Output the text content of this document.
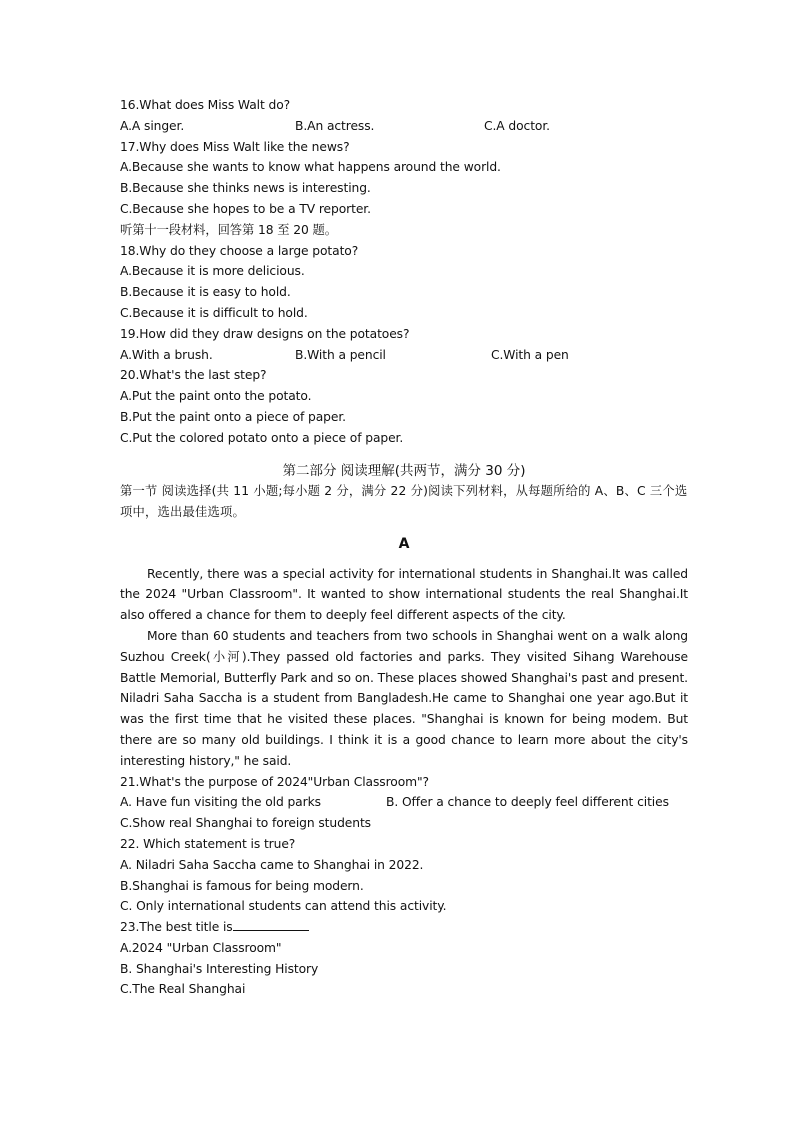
16.What does Miss Walt do?
A.A singer.	B.An actress.	C.A doctor.
17.Why does Miss Walt like the news?
A.Because she wants to know what happens around the world.
B.Because she thinks news is interesting.
C.Because she hopes to be a TV reporter.
听第十一段材料，回答第 18 至 20 题。
18.Why do they choose a large potato?
A.Because it is more delicious.
B.Because it is easy to hold.
C.Because it is difficult to hold.
19.How did they draw designs on the potatoes?
A.With a brush.	B.With a pencil	C.With a pen
20.What's the last step?
A.Put the paint onto the potato.
B.Put the paint onto a piece of paper.
C.Put the colored potato onto a piece of paper.
第二部分 阅读理解(共两节，满分 30 分)
第一节 阅读选择(共 11 小题;每小题 2 分，满分 22 分)阅读下列材料，从每题所给的 A、B、C 三个选项中，选出最佳选项。
A
Recently, there was a special activity for international students in Shanghai.It was called the 2024 "Urban Classroom". It wanted to show international students the real Shanghai.It also offered a chance for them to deeply feel different aspects of the city.
More than 60 students and teachers from two schools in Shanghai went on a walk along Suzhou Creek(小河).They passed old factories and parks. They visited Sihang Warehouse Battle Memorial, Butterfly Park and so on. These places showed Shanghai's past and present. Niladri Saha Saccha is a student from Bangladesh.He came to Shanghai one year ago.But it was the first time that he visited these places. "Shanghai is known for being modem. But there are so many old buildings. I think it is a good chance to learn more about the city's interesting history," he said.
21.What's the purpose of 2024"Urban Classroom"?
A. Have fun visiting the old parks	B. Offer a chance to deeply feel different cities
C.Show real Shanghai to foreign students
22. Which statement is true?
A. Niladri Saha Saccha came to Shanghai in 2022.
B.Shanghai is famous for being modern.
C. Only international students can attend this activity.
23.The best title is
A.2024 "Urban Classroom"
B. Shanghai's Interesting History
C.The Real Shanghai
